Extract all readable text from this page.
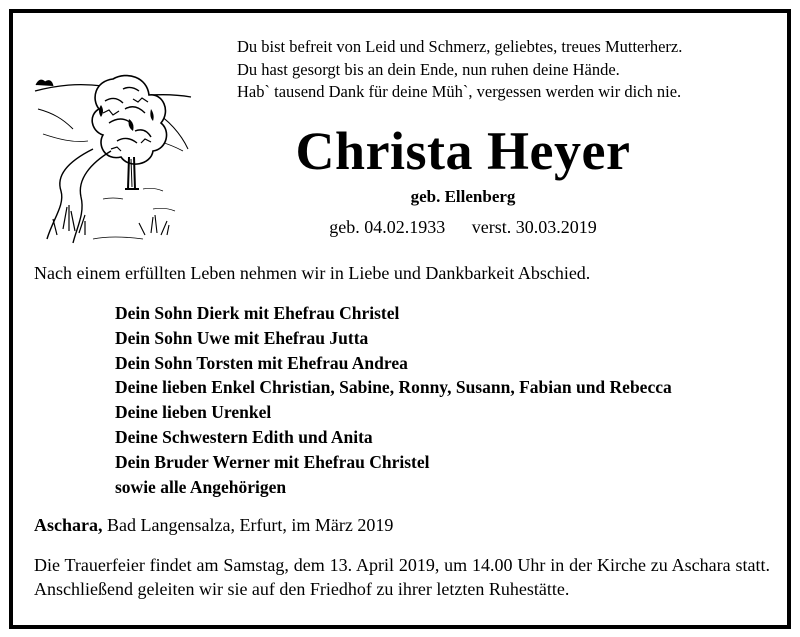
Du bist befreit von Leid und Schmerz, geliebtes, treues Mutterherz.
Du hast gesorgt bis an dein Ende, nun ruhen deine Hände.
Hab` tausend Dank für deine Müh`, vergessen werden wir dich nie.
Christa Heyer
geb. Ellenberg
geb. 04.02.1933 verst. 30.03.2019
Nach einem erfüllten Leben nehmen wir in Liebe und Dankbarkeit Abschied.
Dein Sohn Dierk mit Ehefrau Christel
Dein Sohn Uwe mit Ehefrau Jutta
Dein Sohn Torsten mit Ehefrau Andrea
Deine lieben Enkel Christian, Sabine, Ronny, Susann, Fabian und Rebecca
Deine lieben Urenkel
Deine Schwestern Edith und Anita
Dein Bruder Werner mit Ehefrau Christel
sowie alle Angehörigen
Aschara, Bad Langensalza, Erfurt, im März 2019
Die Trauerfeier findet am Samstag, dem 13. April 2019, um 14.00 Uhr in der Kirche zu Aschara statt. Anschließend geleiten wir sie auf den Friedhof zu ihrer letzten Ruhestätte.
